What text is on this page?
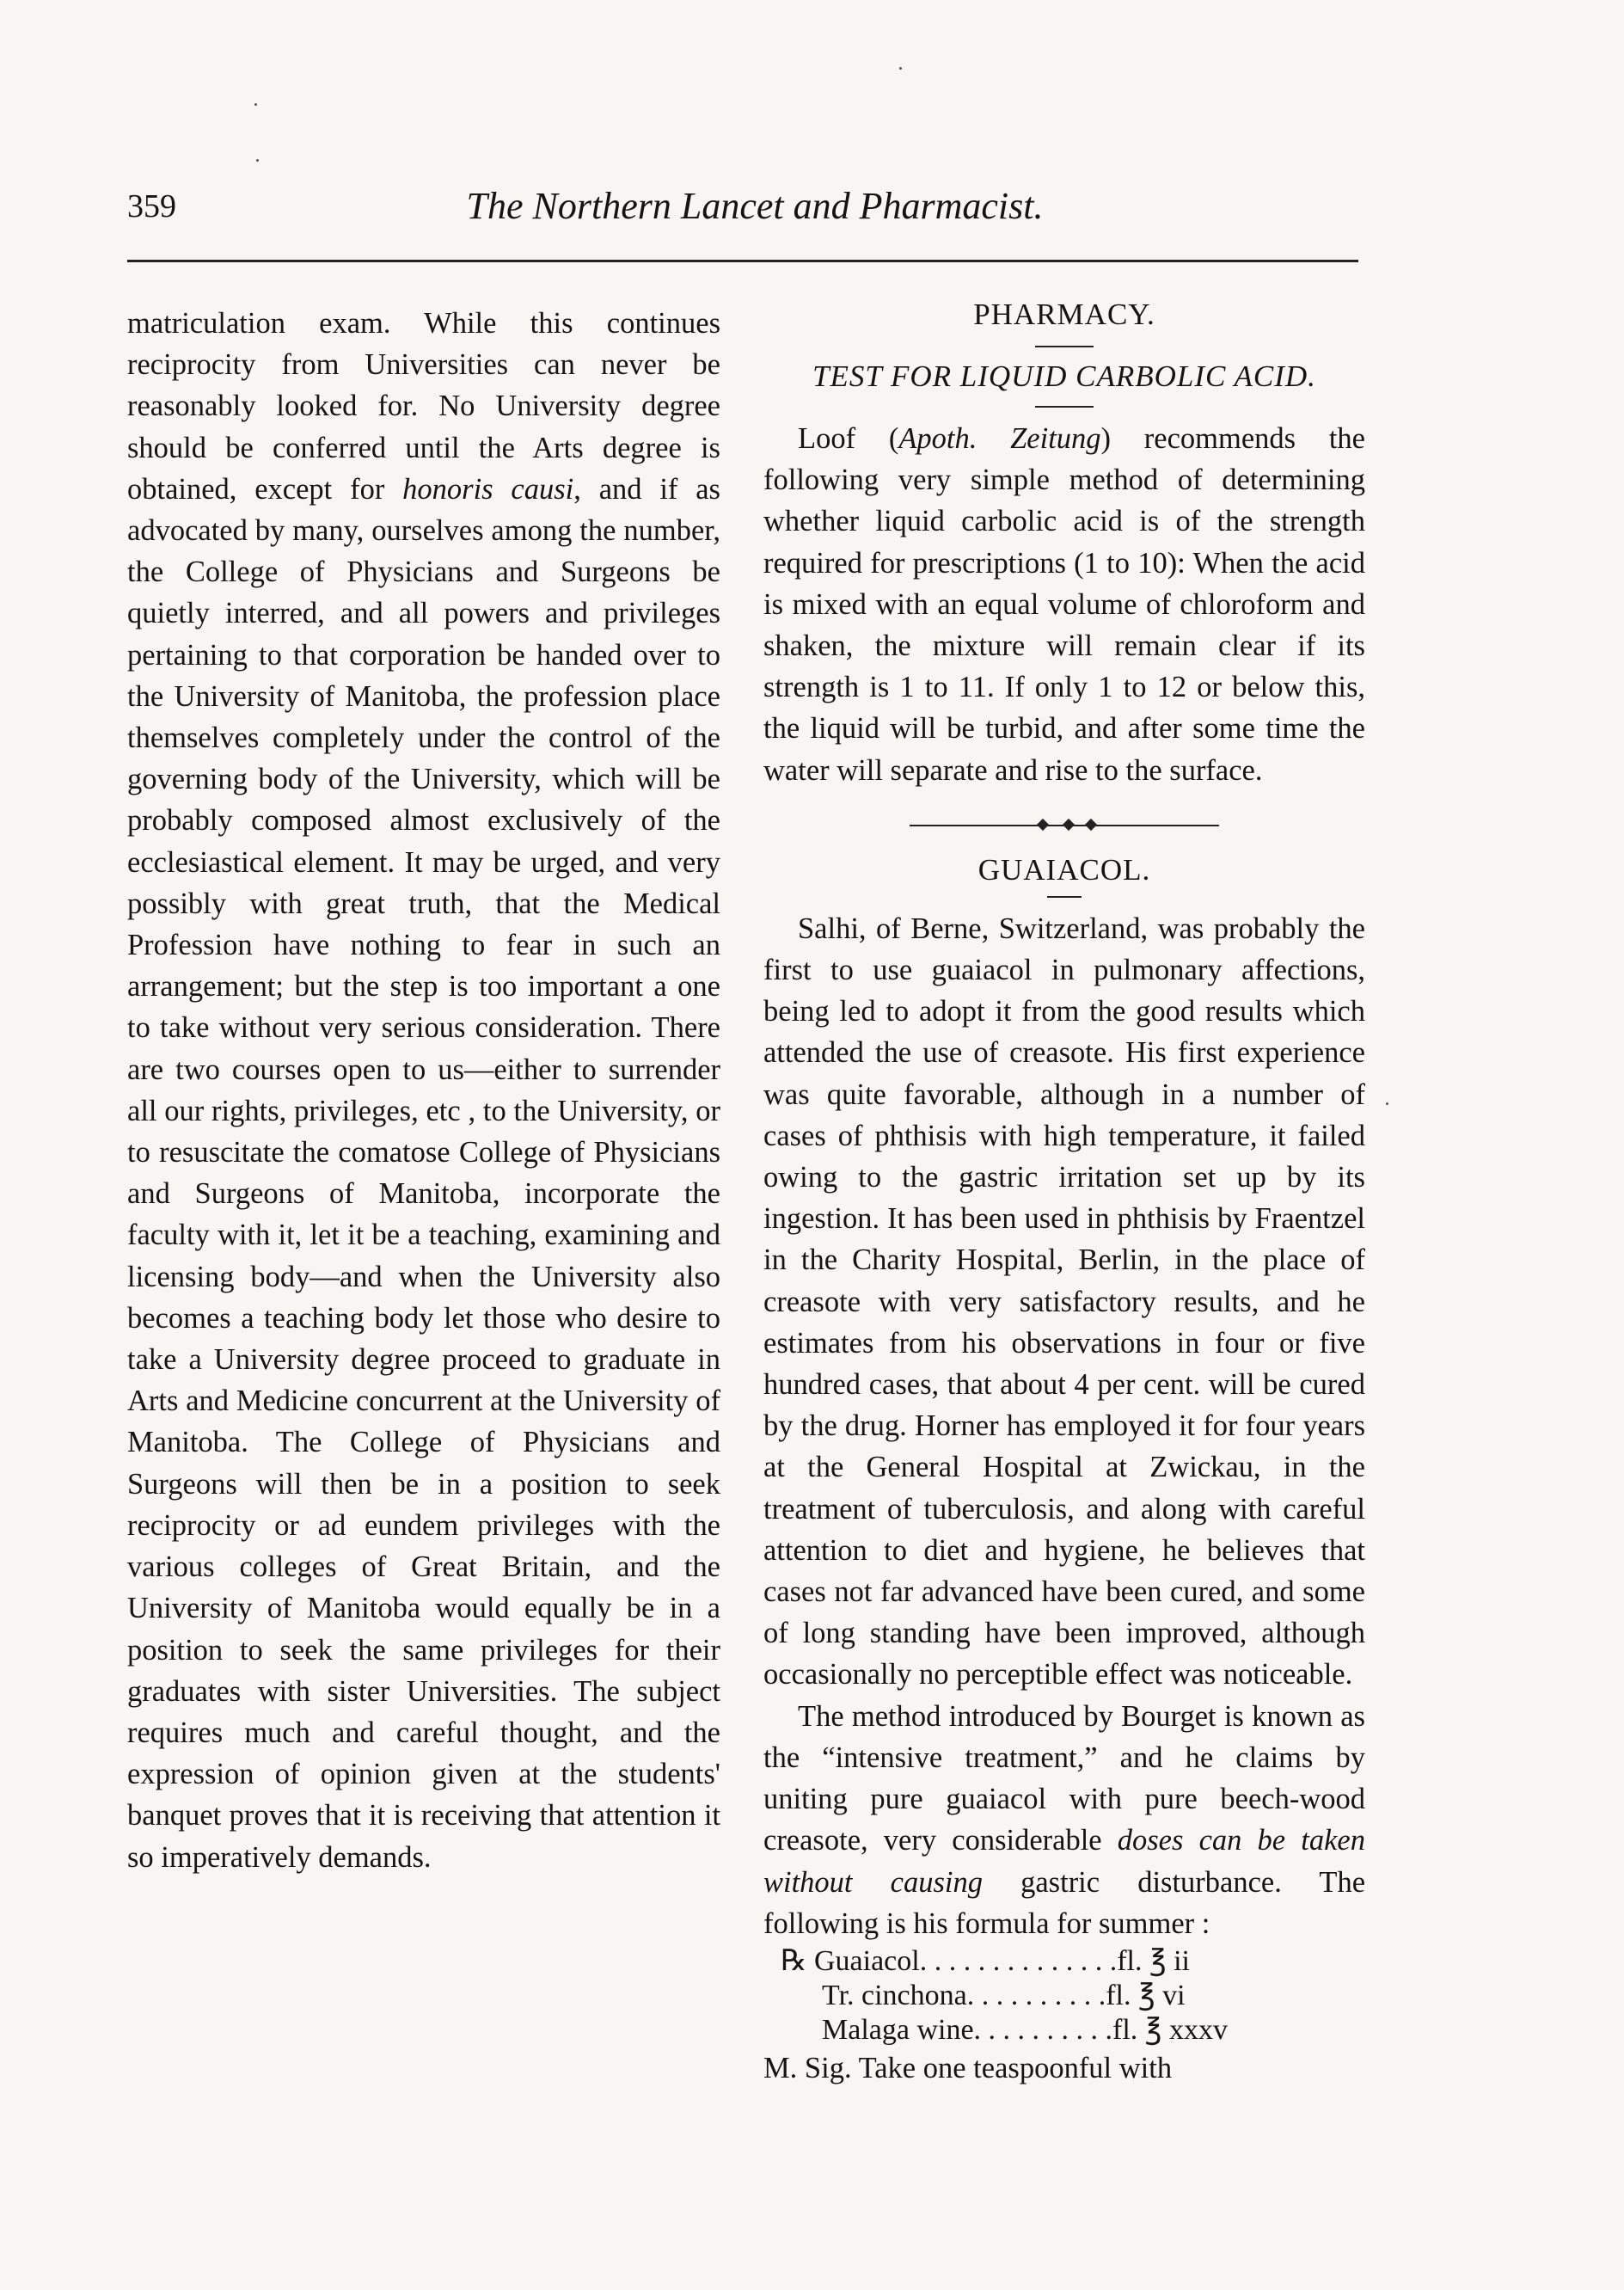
359	The Northern Lancet and Pharmacist.

matriculation exam. While this continues reciprocity from Universities can never be reasonably looked for. No University degree should be conferred until the Arts degree is obtained, except for honoris causi, and if as advocated by many, ourselves among the number, the College of Physicians and Surgeons be quietly interred, and all powers and privileges pertaining to that corporation be handed over to the University of Manitoba, the profession place themselves completely under the control of the governing body of the University, which will be probably composed almost exclusively of the ecclesiastical element. It may be urged, and very possibly with great truth, that the Medical Profession have nothing to fear in such an arrangement; but the step is too important a one to take without very serious consideration. There are two courses open to us—either to surrender all our rights, privileges, etc , to the University, or to resuscitate the comatose College of Physicians and Surgeons of Manitoba, incorporate the faculty with it, let it be a teaching, examining and licensing body—and when the University also becomes a teaching body let those who desire to take a University degree proceed to graduate in Arts and Medicine concurrent at the University of Manitoba. The College of Physicians and Surgeons will then be in a position to seek reciprocity or ad eundem privileges with the various colleges of Great Britain, and the University of Manitoba would equally be in a position to seek the same privileges for their graduates with sister Universities. The subject requires much and careful thought, and the expression of opinion given at the students' banquet proves that it is receiving that attention it so imperatively demands.

PHARMACY.

TEST FOR LIQUID CARBOLIC ACID.

Loof (Apoth. Zeitung) recommends the following very simple method of determining whether liquid carbolic acid is of the strength required for prescriptions (1 to 10): When the acid is mixed with an equal volume of chloroform and shaken, the mixture will remain clear if its strength is 1 to 11. If only 1 to 12 or below this, the liquid will be turbid, and after some time the water will separate and rise to the surface.

GUAIACOL.

Salhi, of Berne, Switzerland, was probably the first to use guaiacol in pulmonary affections, being led to adopt it from the good results which attended the use of creasote. His first experience was quite favorable, although in a number of cases of phthisis with high temperature, it failed owing to the gastric irritation set up by its ingestion. It has been used in phthisis by Fraentzel in the Charity Hospital, Berlin, in the place of creasote with very satisfactory results, and he estimates from his observations in four or five hundred cases, that about 4 per cent. will be cured by the drug. Horner has employed it for four years at the General Hospital at Zwickau, in the treatment of tuberculosis, and along with careful attention to diet and hygiene, he believes that cases not far advanced have been cured, and some of long standing have been improved, although occasionally no perceptible effect was noticeable.

The method introduced by Bourget is known as the “intensive treatment,” and he claims by uniting pure guaiacol with pure beech-wood creasote, very considerable doses can be taken without causing gastric disturbance. The following is his formula for summer :

℞ Guaiacol. . . . . . . . . . . . . .fl. ℥ ii
Tr. cinchona. . . . . . . . . .fl. ℥ vi
Malaga wine. . . . . . . . . .fl. ℥ xxxv

M. Sig. Take one teaspoonful with
